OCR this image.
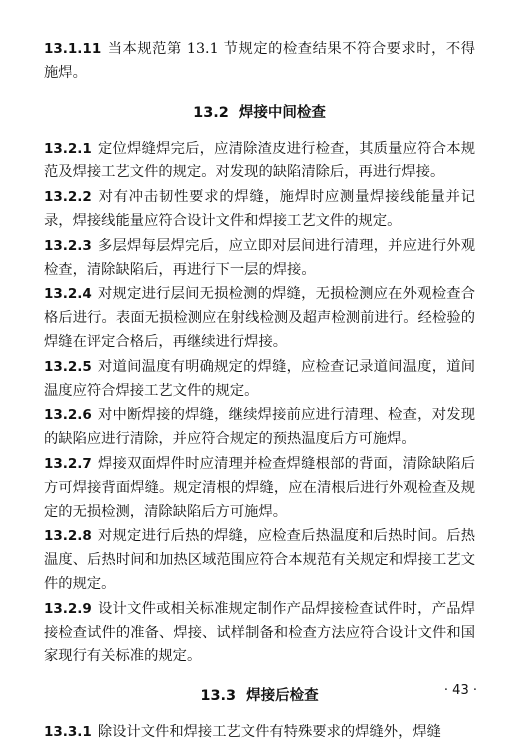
13.1.11 当本规范第 13.1 节规定的检查结果不符合要求时，不得施焊。

13.2 焊接中间检查

13.2.1 定位焊缝焊完后，应清除渣皮进行检查，其质量应符合本规范及焊接工艺文件的规定。对发现的缺陷清除后，再进行焊接。

13.2.2 对有冲击韧性要求的焊缝，施焊时应测量焊接线能量并记录，焊接线能量应符合设计文件和焊接工艺文件的规定。

13.2.3 多层焊每层焊完后，应立即对层间进行清理，并应进行外观检查，清除缺陷后，再进行下一层的焊接。

13.2.4 对规定进行层间无损检测的焊缝，无损检测应在外观检查合格后进行。表面无损检测应在射线检测及超声检测前进行。经检验的焊缝在评定合格后，再继续进行焊接。

13.2.5 对道间温度有明确规定的焊缝，应检查记录道间温度，道间温度应符合焊接工艺文件的规定。

13.2.6 对中断焊接的焊缝，继续焊接前应进行清理、检查，对发现的缺陷应进行清除，并应符合规定的预热温度后方可施焊。

13.2.7 焊接双面焊件时应清理并检查焊缝根部的背面，清除缺陷后方可焊接背面焊缝。规定清根的焊缝，应在清根后进行外观检查及规定的无损检测，清除缺陷后方可施焊。

13.2.8 对规定进行后热的焊缝，应检查后热温度和后热时间。后热温度、后热时间和加热区域范围应符合本规范有关规定和焊接工艺文件的规定。

13.2.9 设计文件或相关标准规定制作产品焊接检查试件时，产品焊接检查试件的准备、焊接、试样制备和检查方法应符合设计文件和国家现行有关标准的规定。

13.3 焊接后检查

13.3.1 除设计文件和焊接工艺文件有特殊要求的焊缝外，焊缝

· 43 ·
